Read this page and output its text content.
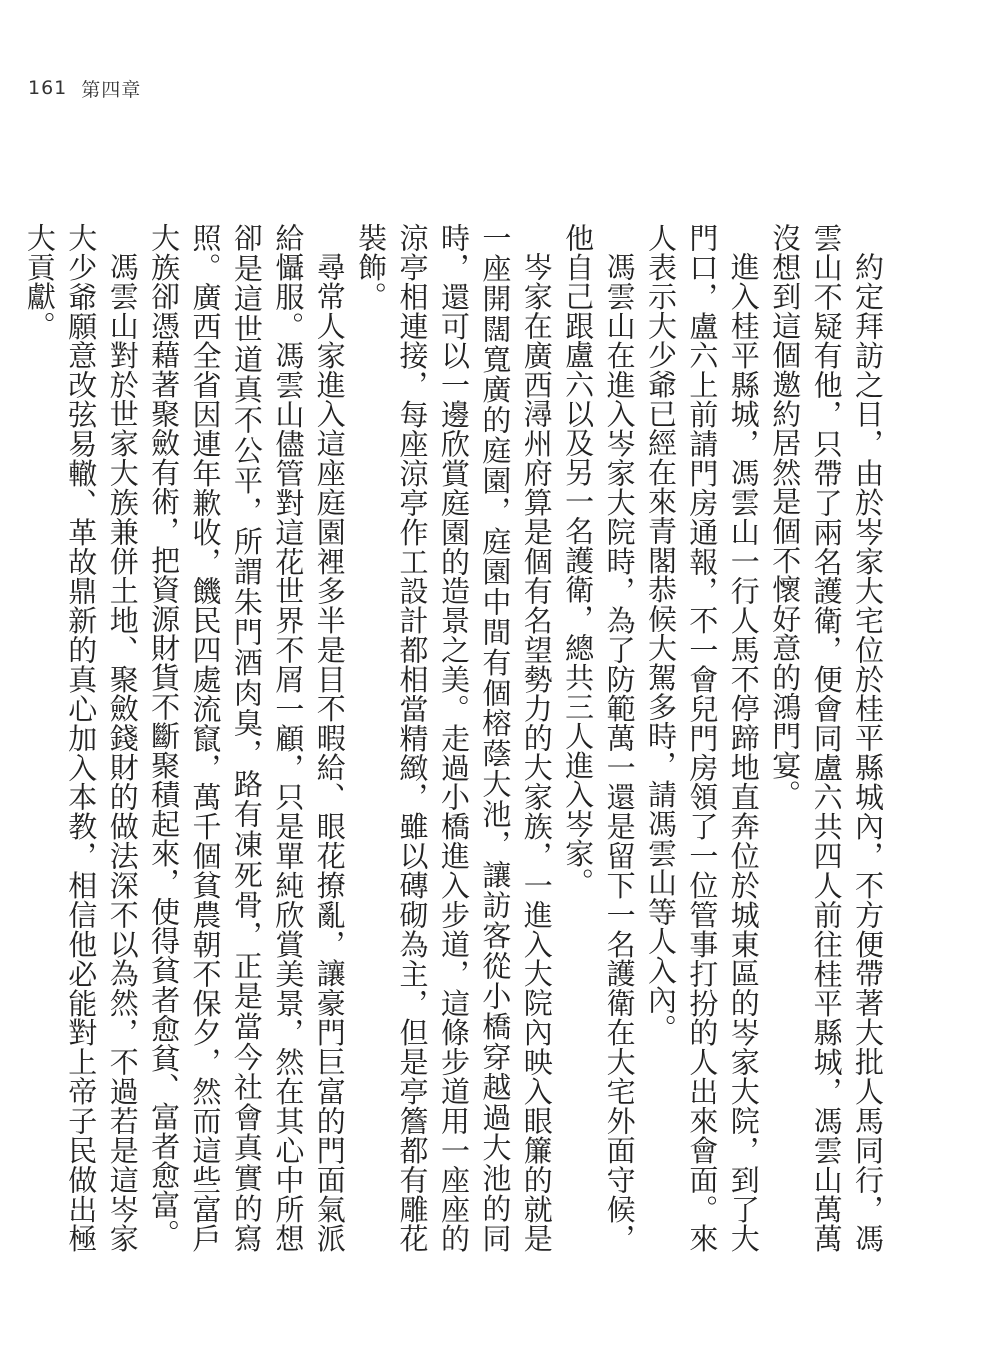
161 第四章

約定拜訪之日，由於岑家大宅位於桂平縣城內，不方便帶著大批人馬同行，馮雲山不疑有他，只帶了兩名護衛，便會同盧六共四人前往桂平縣城，馮雲山萬萬沒想到這個邀約居然是個不懷好意的鴻門宴。

進入桂平縣城，馮雲山一行人馬不停蹄地直奔位於城東區的岑家大院，到了大門口，盧六上前請門房通報，不一會兒門房領了一位管事打扮的人出來會面。來人表示大少爺已經在來青閣恭候大駕多時，請馮雲山等人入內。

馮雲山在進入岑家大院時，為了防範萬一還是留下一名護衛在大宅外面守候，他自己跟盧六以及另一名護衛，總共三人進入岑家。

岑家在廣西潯州府算是個有名望勢力的大家族，一進入大院內映入眼簾的就是一座開闊寬廣的庭園，庭園中間有個榕蔭大池，讓訪客從小橋穿越過大池的同時，還可以一邊欣賞庭園的造景之美。走過小橋進入步道，這條步道用一座座的涼亭相連接，每座涼亭作工設計都相當精緻，雖以磚砌為主，但是亭簷都有雕花裝飾。

尋常人家進入這座庭園裡多半是目不暇給、眼花撩亂，讓豪門巨富的門面氣派給懾服。馮雲山儘管對這花世界不屑一顧，只是單純欣賞美景，然在其心中所想卻是這世道真不公平，所謂朱門酒肉臭，路有凍死骨，正是當今社會真實的寫照。廣西全省因連年歉收，饑民四處流竄，萬千個貧農朝不保夕，然而這些富戶大族卻憑藉著聚斂有術，把資源財貨不斷聚積起來，使得貧者愈貧、富者愈富。

馮雲山對於世家大族兼併土地、聚斂錢財的做法深不以為然，不過若是這岑家大少爺願意改弦易轍、革故鼎新的真心加入本教，相信他必能對上帝子民做出極大貢獻。
